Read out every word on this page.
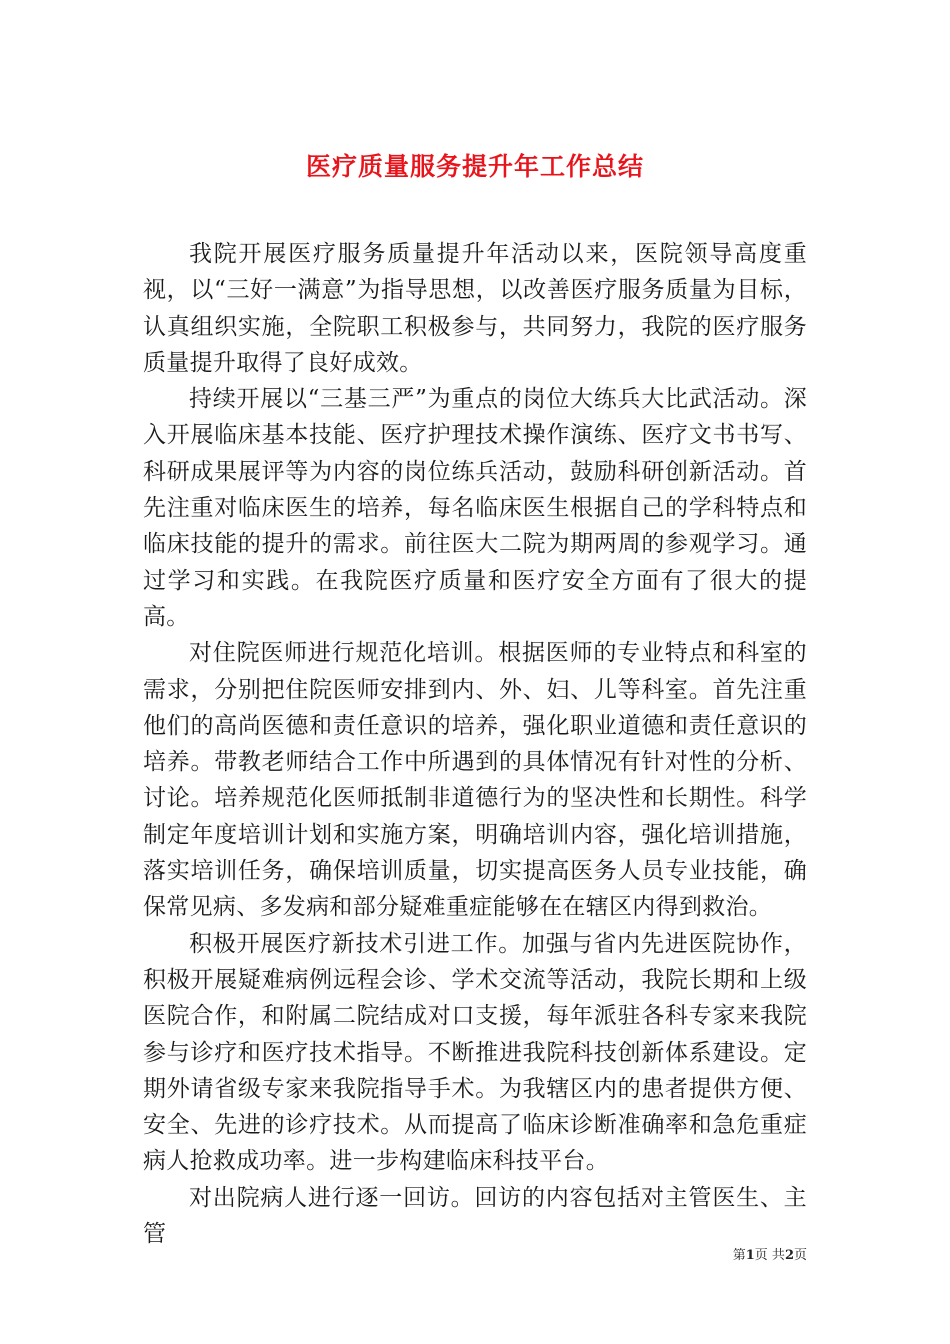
医疗质量服务提升年工作总结

我院开展医疗服务质量提升年活动以来，医院领导高度重视，以“三好一满意”为指导思想，以改善医疗服务质量为目标，认真组织实施，全院职工积极参与，共同努力，我院的医疗服务质量提升取得了良好成效。

持续开展以“三基三严”为重点的岗位大练兵大比武活动。深入开展临床基本技能、医疗护理技术操作演练、医疗文书书写、科研成果展评等为内容的岗位练兵活动，鼓励科研创新活动。首先注重对临床医生的培养，每名临床医生根据自己的学科特点和临床技能的提升的需求。前往医大二院为期两周的参观学习。通过学习和实践。在我院医疗质量和医疗安全方面有了很大的提高。

对住院医师进行规范化培训。根据医师的专业特点和科室的需求，分别把住院医师安排到内、外、妇、儿等科室。首先注重他们的高尚医德和责任意识的培养，强化职业道德和责任意识的培养。带教老师结合工作中所遇到的具体情况有针对性的分析、讨论。培养规范化医师抵制非道德行为的坚决性和长期性。科学制定年度培训计划和实施方案，明确培训内容，强化培训措施，落实培训任务，确保培训质量，切实提高医务人员专业技能，确保常见病、多发病和部分疑难重症能够在在辖区内得到救治。

积极开展医疗新技术引进工作。加强与省内先进医院协作，积极开展疑难病例远程会诊、学术交流等活动，我院长期和上级医院合作，和附属二院结成对口支援，每年派驻各科专家来我院参与诊疗和医疗技术指导。不断推进我院科技创新体系建设。定期外请省级专家来我院指导手术。为我辖区内的患者提供方便、安全、先进的诊疗技术。从而提高了临床诊断准确率和急危重症病人抢救成功率。进一步构建临床科技平台。

对出院病人进行逐一回访。回访的内容包括对主管医生、主管

第1页 共2页
